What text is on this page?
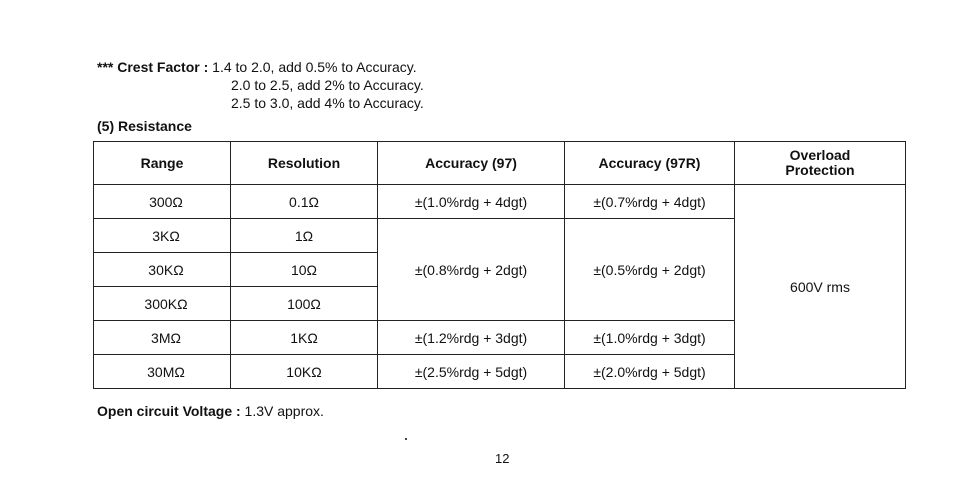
*** Crest Factor :
1.4 to 2.0, add 0.5% to Accuracy.
2.0 to 2.5, add 2% to Accuracy.
2.5 to 3.0, add 4% to Accuracy.
(5) Resistance
Range	Resolution	Accuracy (97)	Accuracy (97R)	Overload
Protection
300Ω	0.1Ω	±(1.0%rdg + 4dgt)	±(0.7%rdg + 4dgt)	600V rms
3KΩ	1Ω	±(0.8%rdg + 2dgt)	±(0.5%rdg + 2dgt)	
30KΩ	10Ω			
300KΩ	100Ω			
3MΩ	1KΩ	±(1.2%rdg + 3dgt)	±(1.0%rdg + 3dgt)	
30MΩ	10KΩ	±(2.5%rdg + 5dgt)	±(2.0%rdg + 5dgt)	
Open circuit Voltage : 1.3V approx.
12
